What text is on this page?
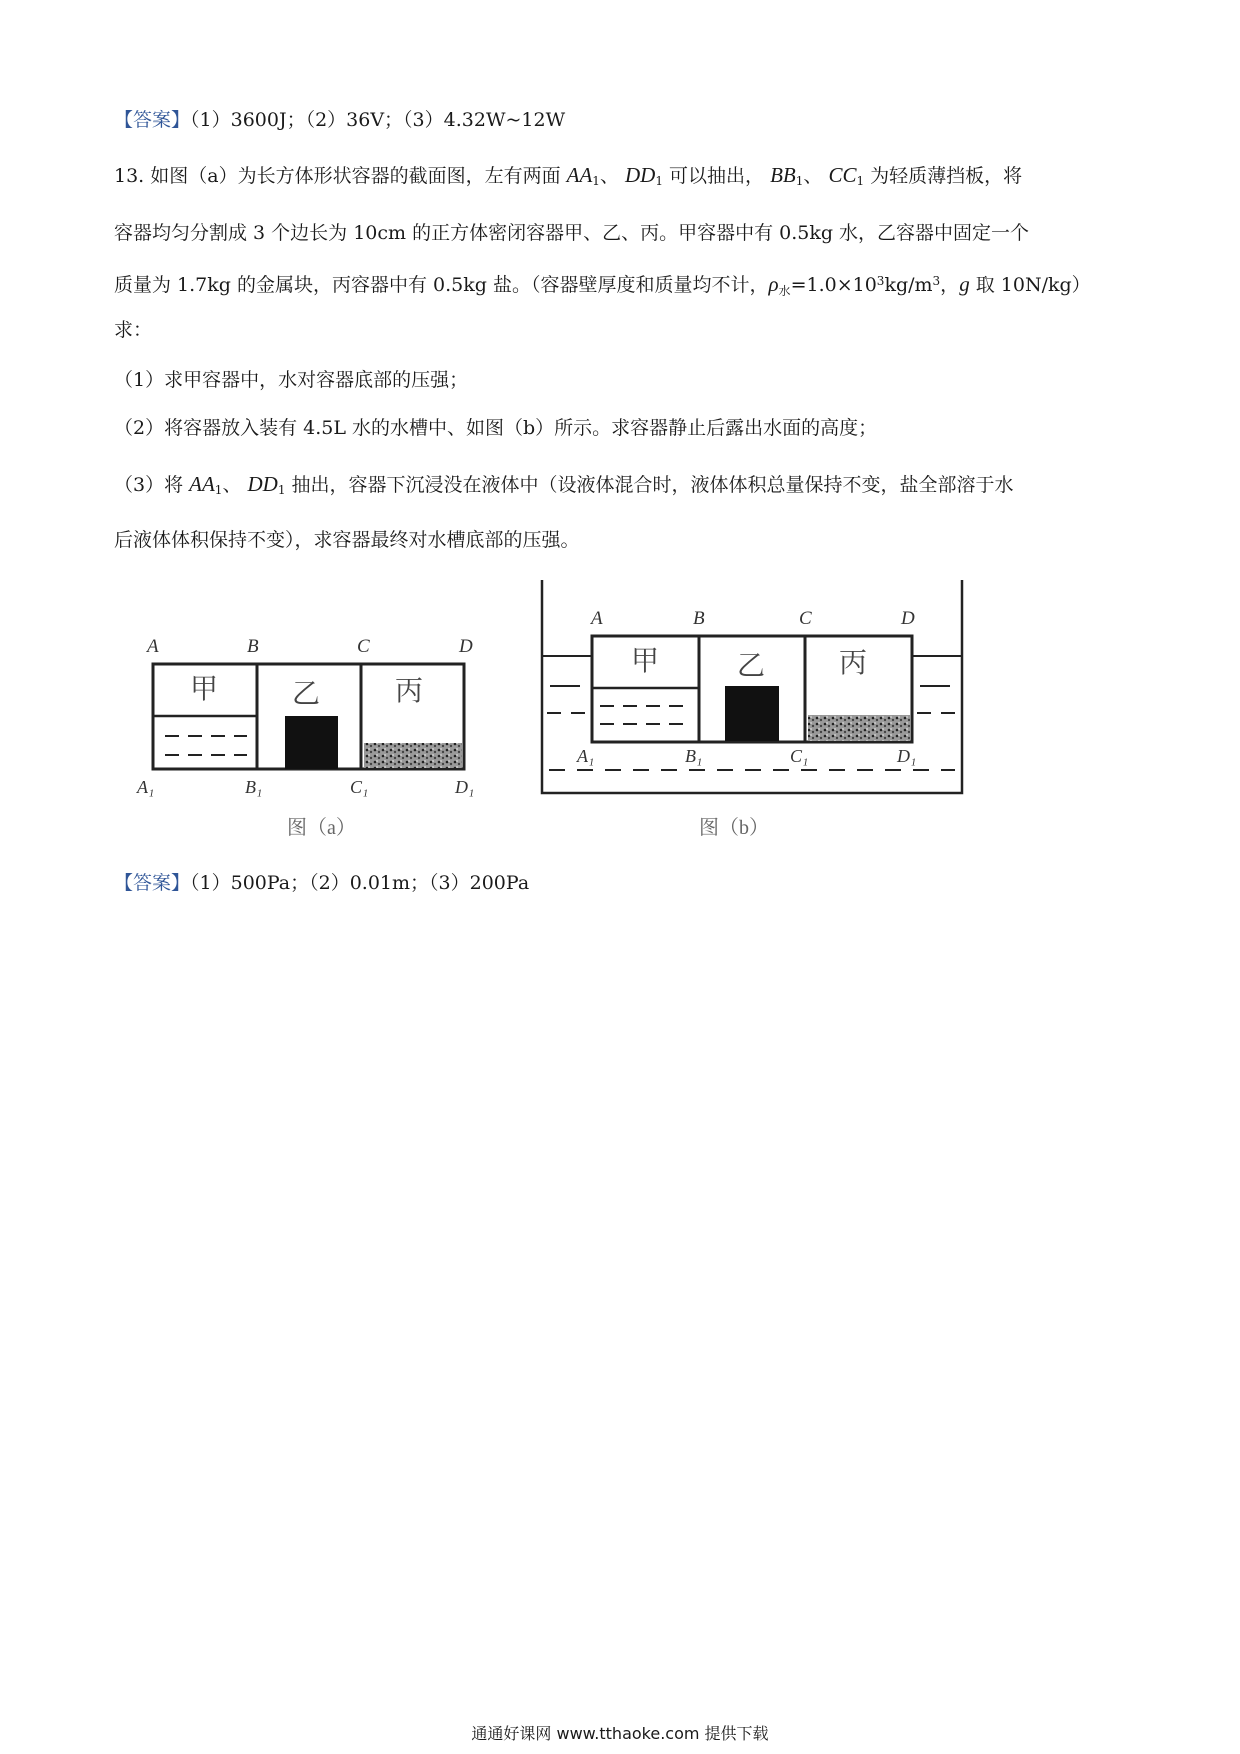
【答案】（1）3600J；（2）36V；（3）4.32W~12W
13. 如图（a）为长方体形状容器的截面图，左有两面 $AA_1$、 $DD_1$ 可以抽出， $BB_1$、 $CC_1$ 为轻质薄挡板，将
容器均匀分割成 3 个边长为 10cm 的正方体密闭容器甲、乙、丙。甲容器中有 0.5kg 水，乙容器中固定一个
质量为 1.7kg 的金属块，丙容器中有 0.5kg 盐。（容器壁厚度和质量均不计，$\rho_水=1.0\times 10^3kg/m^3$，g 取 10N/kg）
求：
（1）求甲容器中，水对容器底部的压强；
（2）将容器放入装有 4.5L 水的水槽中、如图（b）所示。求容器静止后露出水面的高度；
（3）将 $AA_1$、 $DD_1$ 抽出，容器下沉浸没在液体中（设液体混合时，液体体积总量保持不变，盐全部溶于水
后液体体积保持不变），求容器最终对水槽底部的压强。
A	B	C	D
甲	乙	丙
A₁	B₁	C₁	D₁
图（a）
A	B	C	D
甲	乙	丙
A₁	B₁	C₁	D₁
图（b）
【答案】（1）500Pa；（2）0.01m；（3）200Pa
通通好课网 www.tthaoke.com 提供下载
